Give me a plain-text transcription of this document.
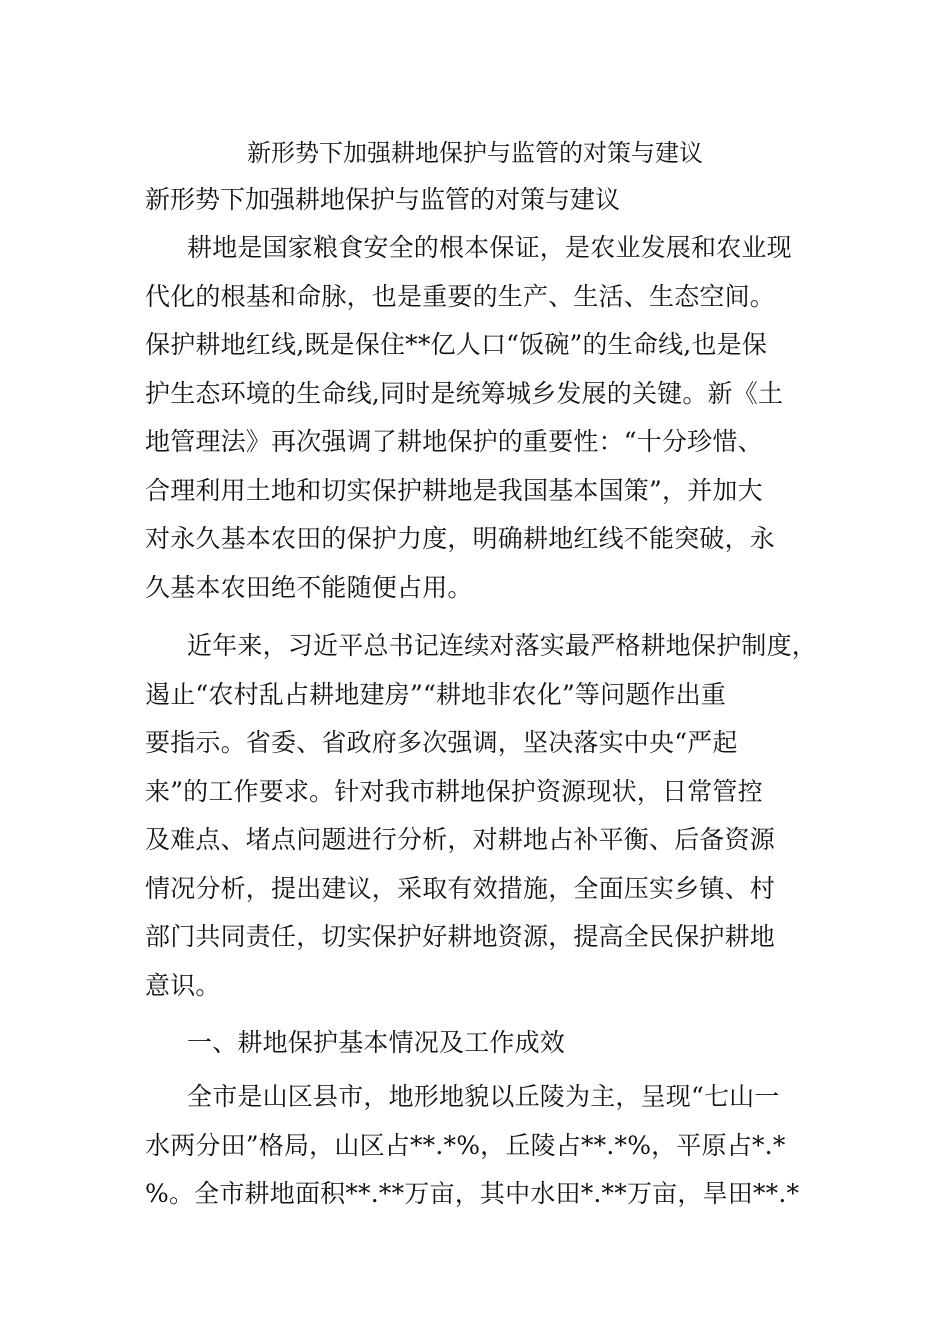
新形势下加强耕地保护与监管的对策与建议
新形势下加强耕地保护与监管的对策与建议
耕地是国家粮食安全的根本保证，是农业发展和农业现
代化的根基和命脉，也是重要的生产、生活、生态空间。
保护耕地红线,既是保住**亿人口“饭碗”的生命线,也是保
护生态环境的生命线,同时是统筹城乡发展的关键。新《土
地管理法》再次强调了耕地保护的重要性：“十分珍惜、
合理利用土地和切实保护耕地是我国基本国策”，并加大
对永久基本农田的保护力度，明确耕地红线不能突破，永
久基本农田绝不能随便占用。
近年来，习近平总书记连续对落实最严格耕地保护制度，
遏止“农村乱占耕地建房”“耕地非农化”等问题作出重
要指示。省委、省政府多次强调，坚决落实中央“严起
来”的工作要求。针对我市耕地保护资源现状，日常管控
及难点、堵点问题进行分析，对耕地占补平衡、后备资源
情况分析，提出建议，采取有效措施，全面压实乡镇、村
部门共同责任，切实保护好耕地资源，提高全民保护耕地
意识。
一、耕地保护基本情况及工作成效
全市是山区县市，地形地貌以丘陵为主，呈现“七山一
水两分田”格局，山区占**.*%，丘陵占**.*%，平原占*.*
%。全市耕地面积**.**万亩，其中水田*.**万亩，旱田**.*
